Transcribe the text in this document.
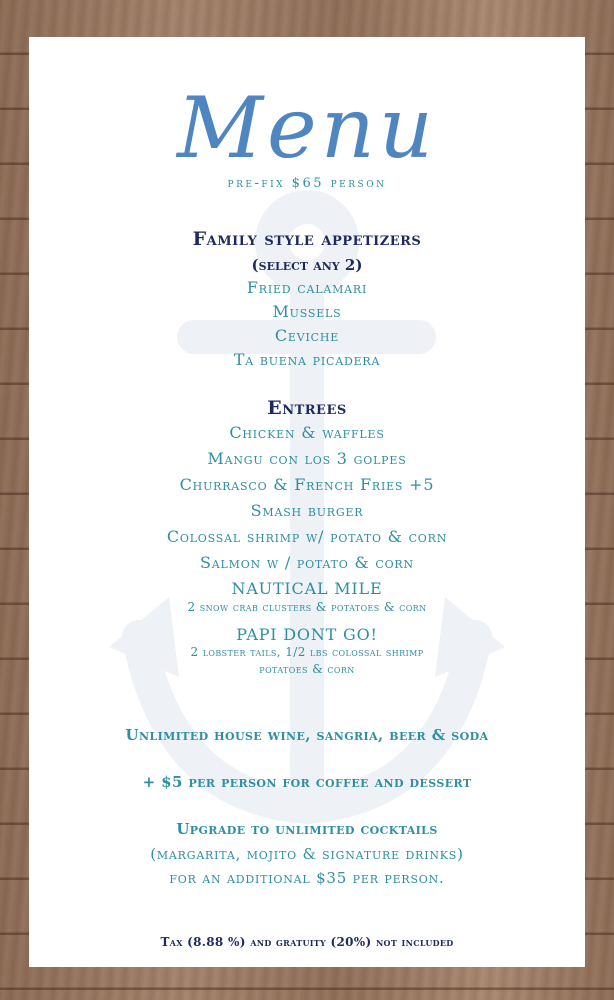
Menu
pre-fix $65 person
Family style appetizers
(select any 2)
Fried calamari
Mussels
Ceviche
Ta buena picadera
Entrees
Chicken & waffles
Mangu con los 3 golpes
Churrasco & French Fries +5
Smash burger
Colossal shrimp w/ potato & corn
Salmon w / potato & corn
NAUTICAL MILE
2 snow crab clusters & potatoes & corn
PAPI DONT GO!
2 lobster tails, 1/2 lbs colossal shrimp
potatoes & corn
Unlimited house wine, sangria, beer & soda
+ $5 per person for coffee and dessert
Upgrade to unlimited cocktails
(margarita, mojito & signature drinks)
for an additional $35 per person.
Tax (8.88 %) and gratuity (20%) not included
